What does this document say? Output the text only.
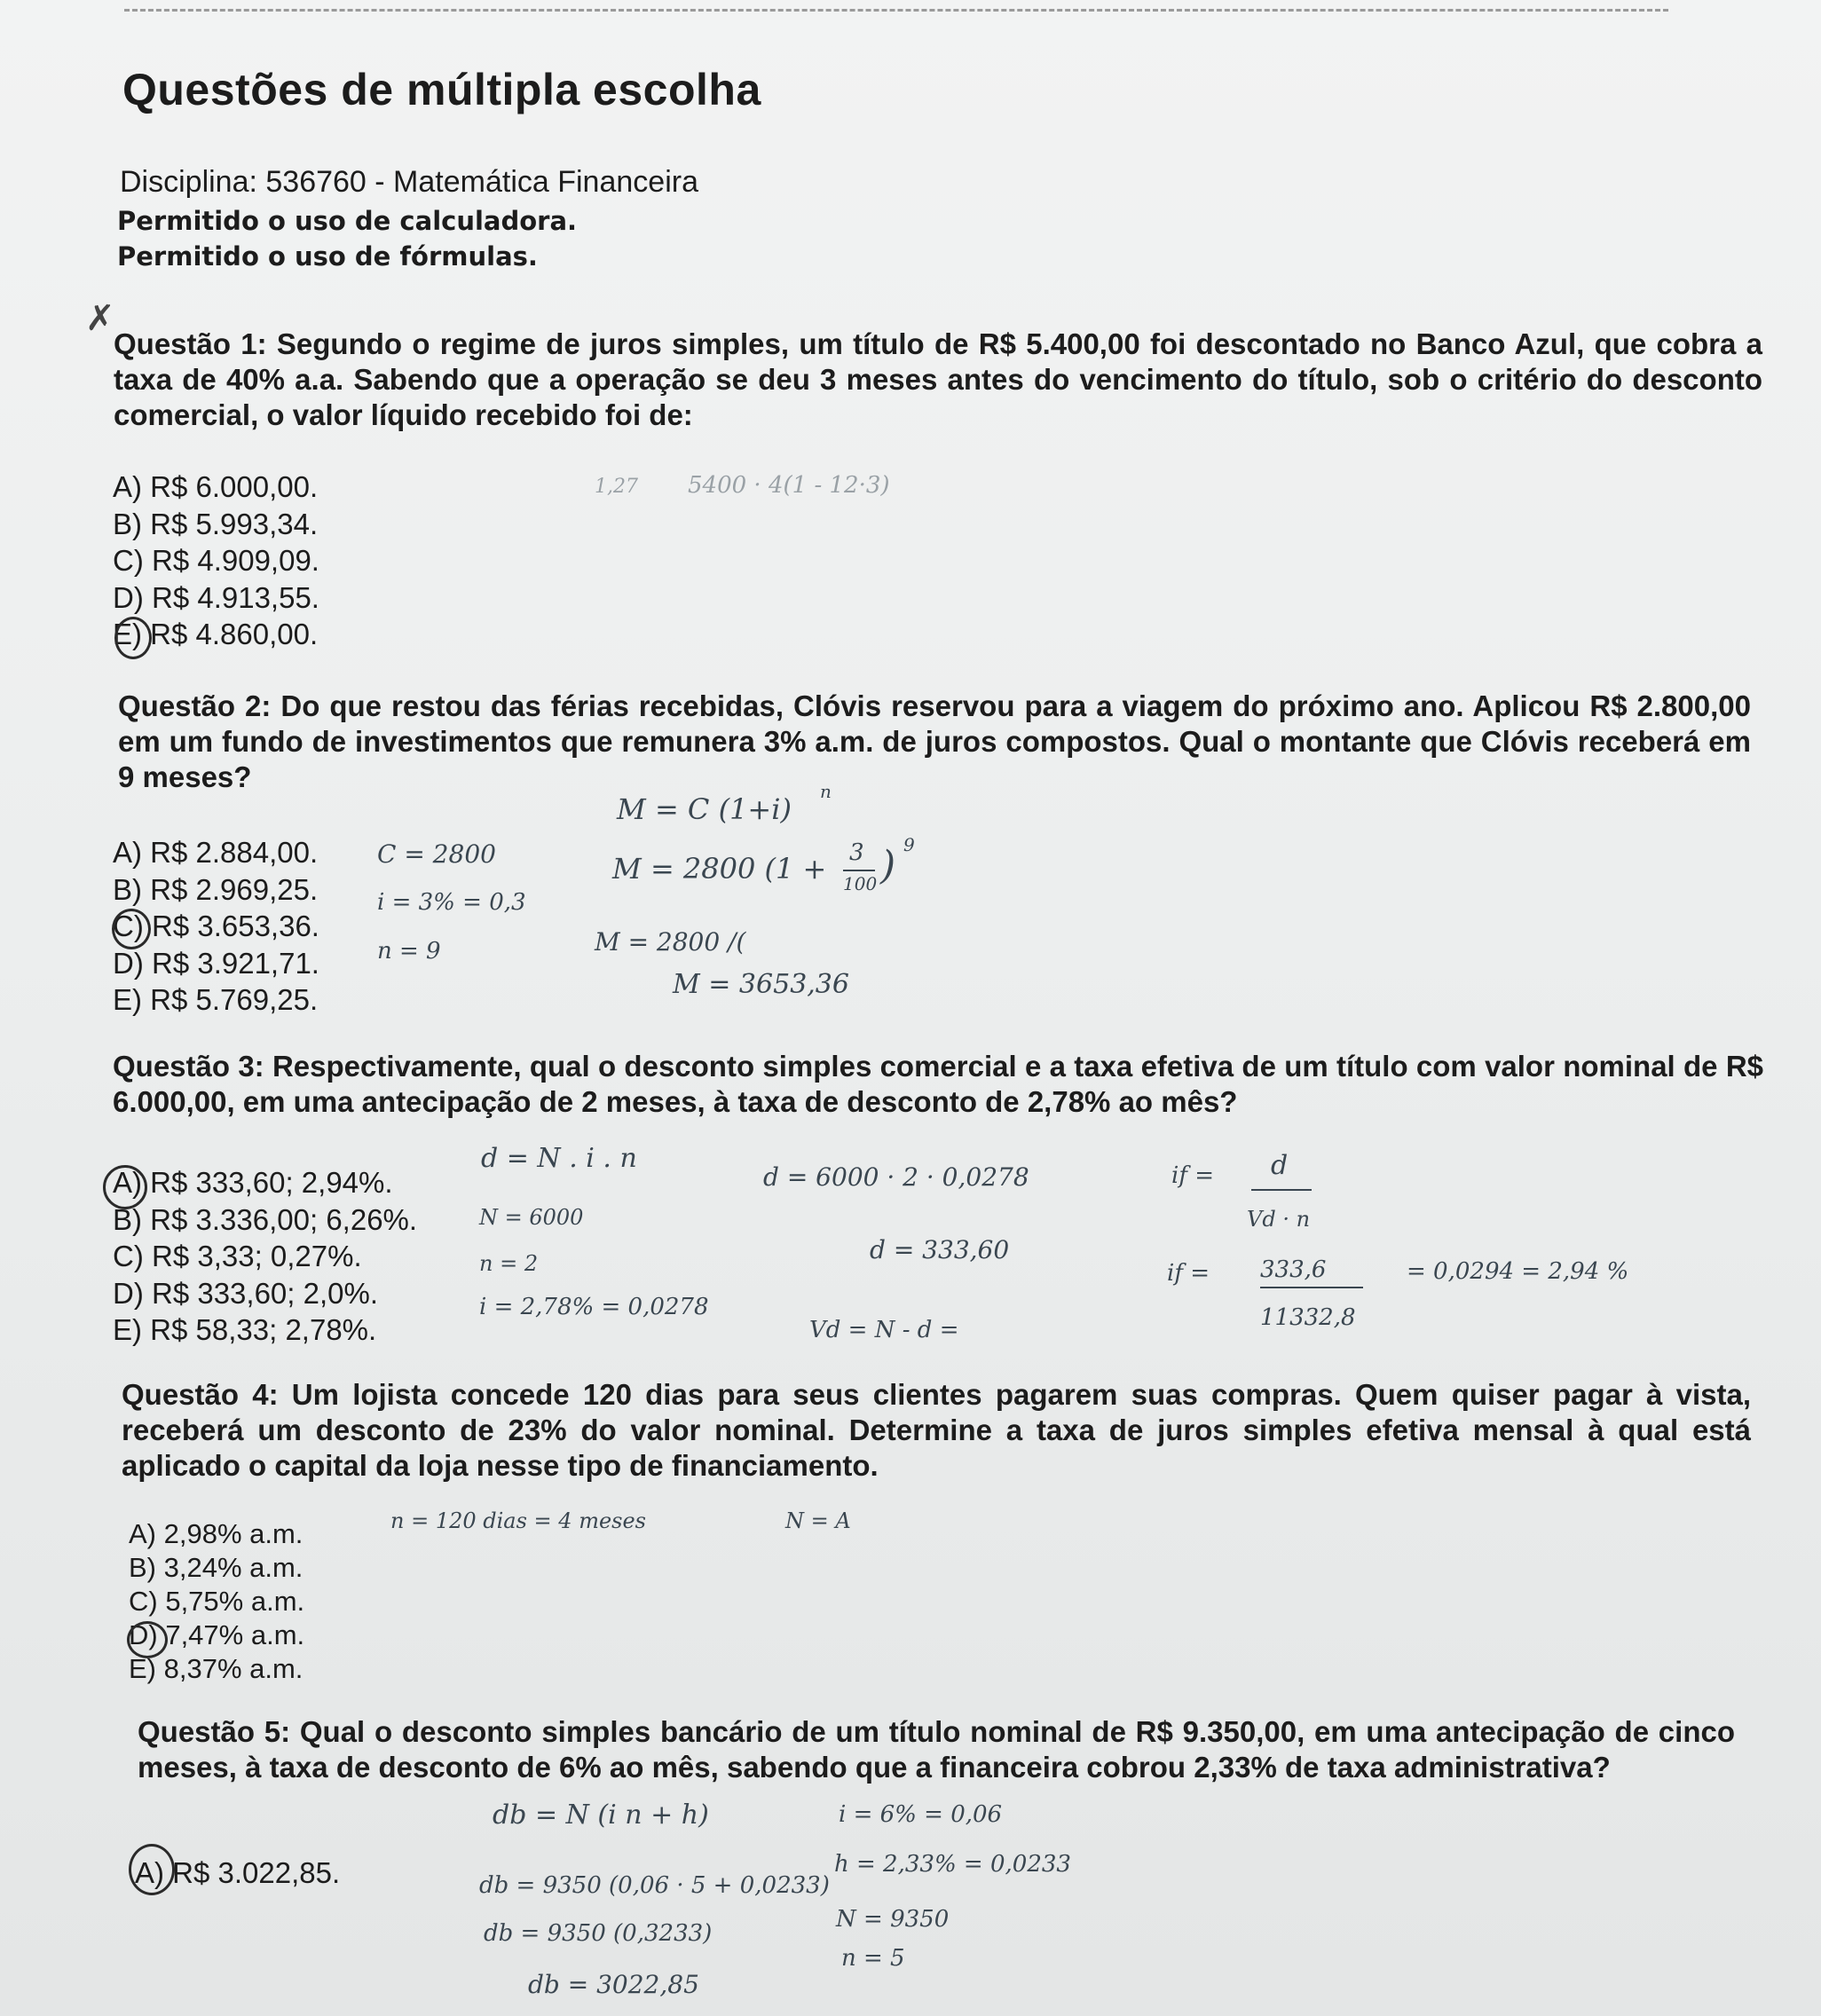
Questões de múltipla escolha
Disciplina: 536760 - Matemática Financeira
Permitido o uso de calculadora.
Permitido o uso de fórmulas.
✗
Questão 1: Segundo o regime de juros simples, um título de R$ 5.400,00 foi descontado no Banco Azul, que cobra a taxa de 40% a.a. Sabendo que a operação se deu 3 meses antes do vencimento do título, sob o critério do desconto comercial, o valor líquido recebido foi de:
A) R$ 6.000,00.
B) R$ 5.993,34.
C) R$ 4.909,09.
D) R$ 4.913,55.
E) R$ 4.860,00.
1,27 5400 · 4(1 - 12·3)
Questão 2: Do que restou das férias recebidas, Clóvis reservou para a viagem do próximo ano. Aplicou R$ 2.800,00 em um fundo de investimentos que remunera 3% a.m. de juros compostos. Qual o montante que Clóvis receberá em 9 meses?
A) R$ 2.884,00.
B) R$ 2.969,25.
C) R$ 3.653,36.
D) R$ 3.921,71.
E) R$ 5.769,25.
M = C (1+i)
n
C = 2800	M = 2800 (1 + 3
100 ) 9
i = 3% = 0,3
n = 9	M = 2800 /(
M = 3653,36
Questão 3: Respectivamente, qual o desconto simples comercial e a taxa efetiva de um título com valor nominal de R$ 6.000,00, em uma antecipação de 2 meses, à taxa de desconto de 2,78% ao mês?
A) R$ 333,60; 2,94%.
B) R$ 3.336,00; 6,26%.
C) R$ 3,33; 0,27%.
D) R$ 333,60; 2,0%.
E) R$ 58,33; 2,78%.
d = N . i . n
N = 6000
n = 2
i = 2,78% = 0,0278
d = 6000 · 2 · 0,0278
d = 333,60
Vd = N - d =
if = d
Vd · n
if = 333,6
11332,8
= 0,0294 = 2,94 %
Questão 4: Um lojista concede 120 dias para seus clientes pagarem suas compras. Quem quiser pagar à vista, receberá um desconto de 23% do valor nominal. Determine a taxa de juros simples efetiva mensal à qual está aplicado o capital da loja nesse tipo de financiamento.
A) 2,98% a.m.
B) 3,24% a.m.
C) 5,75% a.m.
D) 7,47% a.m.
E) 8,37% a.m.
n = 120 dias = 4 meses	N = A
Questão 5: Qual o desconto simples bancário de um título nominal de R$ 9.350,00, em uma antecipação de cinco meses, à taxa de desconto de 6% ao mês, sabendo que a financeira cobrou 2,33% de taxa administrativa?
A) R$ 3.022,85.
db = N (i n + h)
db = 9350 (0,06 · 5 + 0,0233)
db = 9350 (0,3233)
db = 3022,85
i = 6% = 0,06
h = 2,33% = 0,0233
N = 9350
n = 5
